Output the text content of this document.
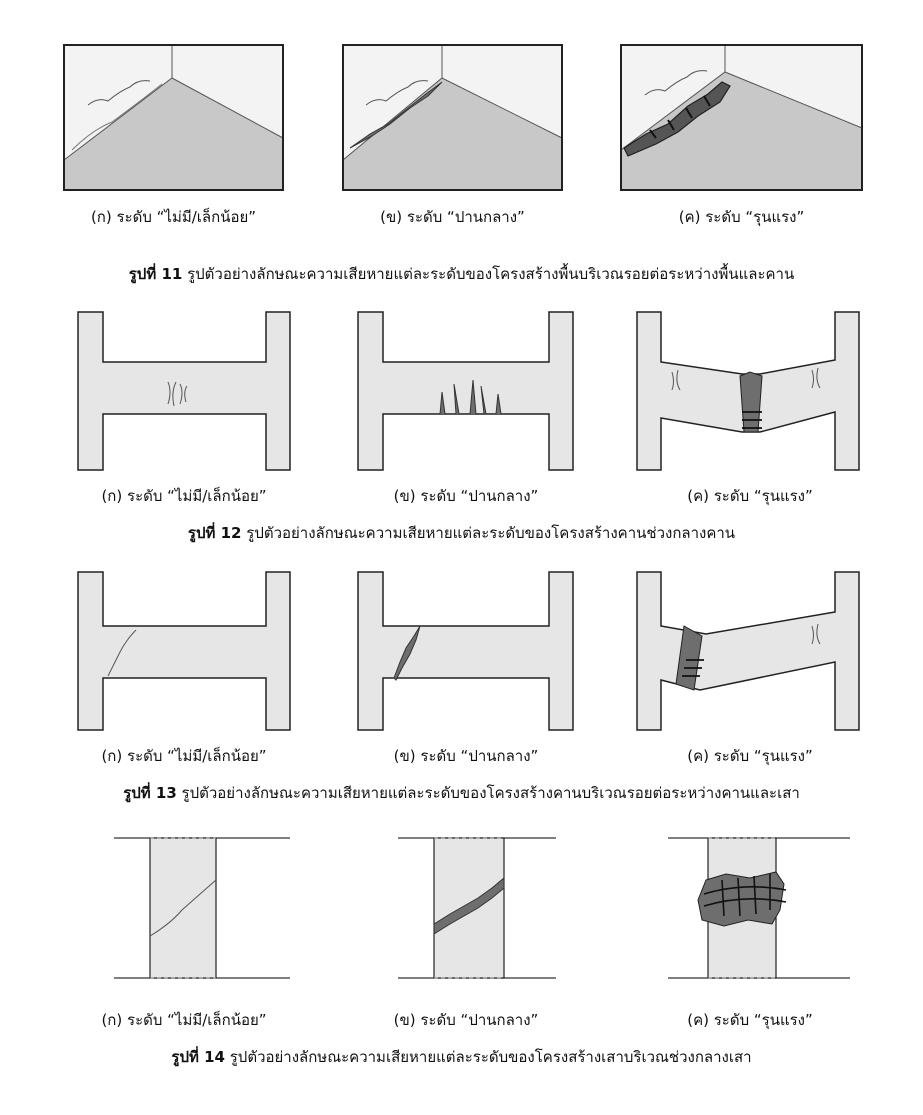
(ก) ระดับ “ไม่มี/เล็กน้อย”	(ข) ระดับ “ปานกลาง”	(ค) ระดับ “รุนแรง”
รูปที่ 11 รูปตัวอย่างลักษณะความเสียหายแต่ละระดับของโครงสร้างพื้นบริเวณรอยต่อระหว่างพื้นและคาน
(ก) ระดับ “ไม่มี/เล็กน้อย”	(ข) ระดับ “ปานกลาง”	(ค) ระดับ “รุนแรง”
รูปที่ 12 รูปตัวอย่างลักษณะความเสียหายแต่ละระดับของโครงสร้างคานช่วงกลางคาน
(ก) ระดับ “ไม่มี/เล็กน้อย”	(ข) ระดับ “ปานกลาง”	(ค) ระดับ “รุนแรง”
รูปที่ 13 รูปตัวอย่างลักษณะความเสียหายแต่ละระดับของโครงสร้างคานบริเวณรอยต่อระหว่างคานและเสา
(ก) ระดับ “ไม่มี/เล็กน้อย”	(ข) ระดับ “ปานกลาง”	(ค) ระดับ “รุนแรง”
รูปที่ 14 รูปตัวอย่างลักษณะความเสียหายแต่ละระดับของโครงสร้างเสาบริเวณช่วงกลางเสา
